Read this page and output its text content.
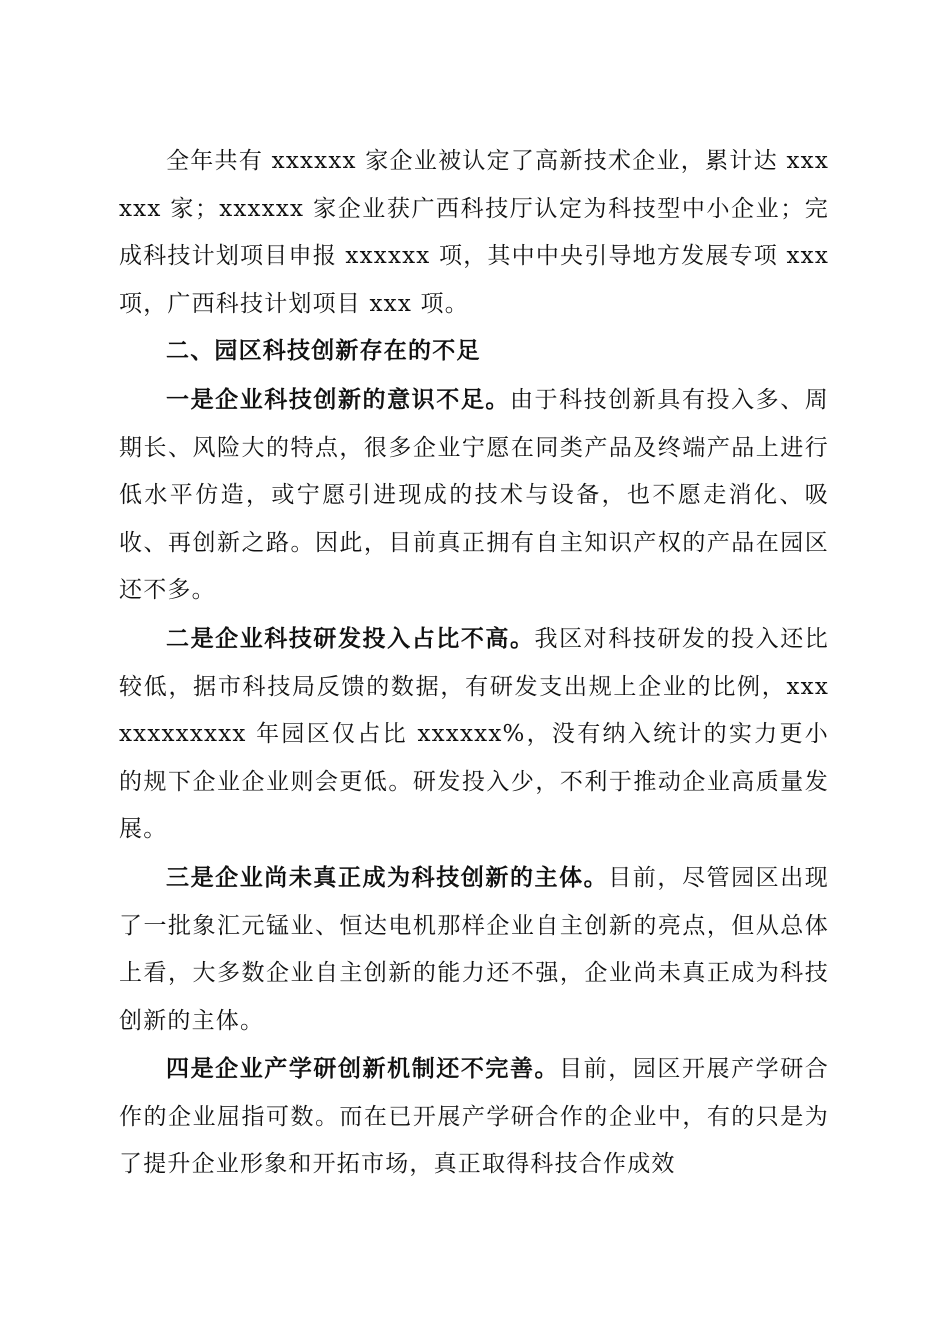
全年共有 xxxxxx 家企业被认定了高新技术企业，累计达 xxxxxx 家；xxxxxx 家企业获广西科技厅认定为科技型中小企业；完成科技计划项目申报 xxxxxx 项，其中中央引导地方发展专项 xxx 项，广西科技计划项目 xxx 项。

二、园区科技创新存在的不足

一是企业科技创新的意识不足。由于科技创新具有投入多、周期长、风险大的特点，很多企业宁愿在同类产品及终端产品上进行低水平仿造，或宁愿引进现成的技术与设备，也不愿走消化、吸收、再创新之路。因此，目前真正拥有自主知识产权的产品在园区还不多。

二是企业科技研发投入占比不高。我区对科技研发的投入还比较低，据市科技局反馈的数据，有研发支出规上企业的比例，xxxxxxxxxxxx 年园区仅占比 xxxxxx%，没有纳入统计的实力更小的规下企业企业则会更低。研发投入少，不利于推动企业高质量发展。

三是企业尚未真正成为科技创新的主体。目前，尽管园区出现了一批象汇元锰业、恒达电机那样企业自主创新的亮点，但从总体上看，大多数企业自主创新的能力还不强，企业尚未真正成为科技创新的主体。

四是企业产学研创新机制还不完善。目前，园区开展产学研合作的企业屈指可数。而在已开展产学研合作的企业中，有的只是为了提升企业形象和开拓市场，真正取得科技合作成效
